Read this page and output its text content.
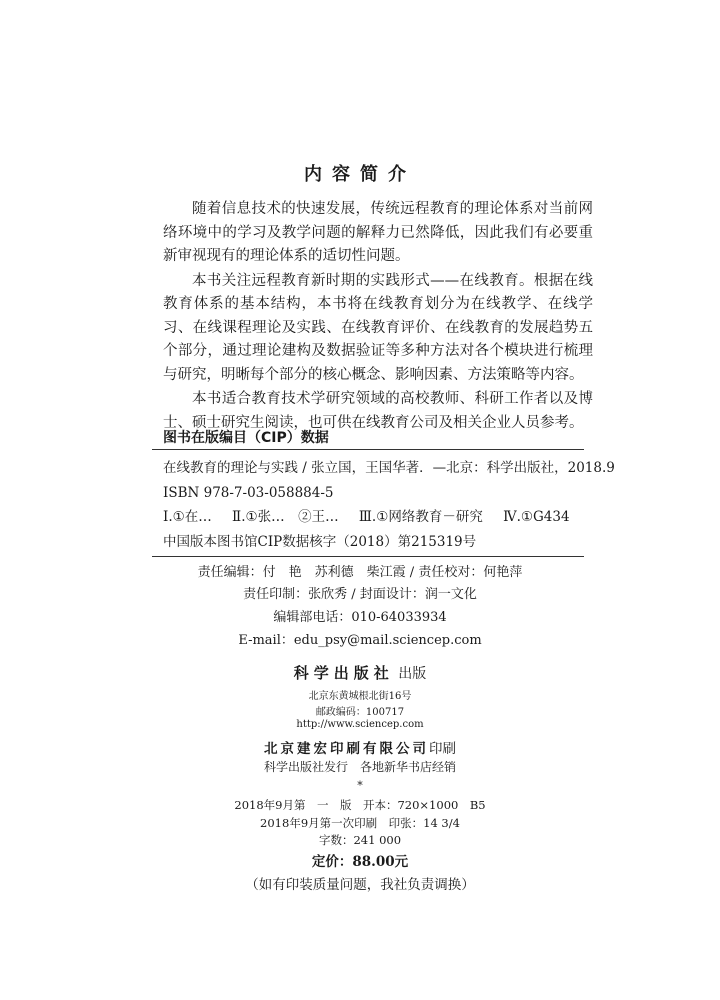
内容简介

随着信息技术的快速发展，传统远程教育的理论体系对当前网络环境中的学习及教学问题的解释力已然降低，因此我们有必要重新审视现有的理论体系的适切性问题。

本书关注远程教育新时期的实践形式——在线教育。根据在线教育体系的基本结构，本书将在线教育划分为在线教学、在线学习、在线课程理论及实践、在线教育评价、在线教育的发展趋势五个部分，通过理论建构及数据验证等多种方法对各个模块进行梳理与研究，明晰每个部分的核心概念、影响因素、方法策略等内容。

本书适合教育技术学研究领域的高校教师、科研工作者以及博士、硕士研究生阅读，也可供在线教育公司及相关企业人员参考。

图书在版编目（CIP）数据
在线教育的理论与实践 / 张立国，王国华著．—北京：科学出版社，2018.9
ISBN 978-7-03-058884-5
Ⅰ.①在… Ⅱ.①张…　②王… Ⅲ.①网络教育－研究 Ⅳ.①G434
中国版本图书馆CIP数据核字（2018）第215319号
责任编辑：付　艳　苏利德　柴江霞 / 责任校对：何艳萍
责任印制：张欣秀 / 封面设计：润一文化
编辑部电话：010-64033934
E-mail：edu_psy@mail.sciencep.com
科学出版社 出版
北京东黄城根北街16号
邮政编码：100717
http://www.sciencep.com
北京建宏印刷有限公司印刷
科学出版社发行　各地新华书店经销
*
2018年9月第　一　版　开本：720×1000　B5
2018年9月第一次印刷　印张：14 3/4
字数：241 000
定价：88.00元
（如有印装质量问题，我社负责调换）
